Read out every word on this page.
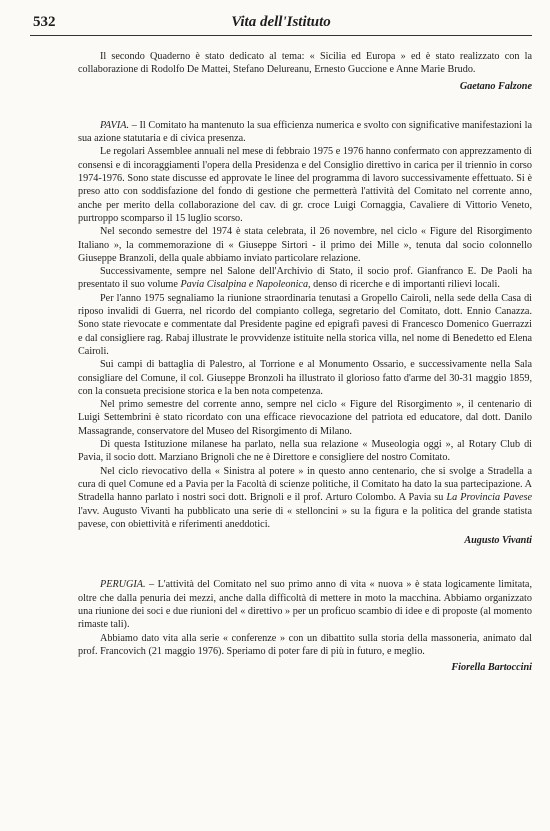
532	Vita dell'Istituto

Il secondo Quaderno è stato dedicato al tema: « Sicilia ed Europa » ed è stato realizzato con la collaborazione di Rodolfo De Mattei, Stefano Delureanu, Ernesto Guccione e Anne Marie Brudo.

Gaetano Falzone

PAVIA. – Il Comitato ha mantenuto la sua efficienza numerica e svolto con significative manifestazioni la sua azione statutaria e di civica presenza.

Le regolari Assemblee annuali nel mese di febbraio 1975 e 1976 hanno confermato con apprezzamento di consensi e di incoraggiamenti l'opera della Presidenza e del Consiglio direttivo in carica per il triennio in corso 1974-1976. Sono state discusse ed approvate le linee del programma di lavoro successivamente effettuato. Si è preso atto con soddisfazione del fondo di gestione che permetterà l'attività del Comitato nel corrente anno, anche per merito della collaborazione del cav. di gr. croce Luigi Cornaggia, Cavaliere di Vittorio Veneto, purtroppo scomparso il 15 luglio scorso.

Nel secondo semestre del 1974 è stata celebrata, il 26 novembre, nel ciclo « Figure del Risorgimento Italiano », la commemorazione di « Giuseppe Sirtori - il primo dei Mille », tenuta dal socio colonnello Giuseppe Branzoli, della quale abbiamo inviato particolare relazione.

Successivamente, sempre nel Salone dell'Archivio di Stato, il socio prof. Gianfranco E. De Paoli ha presentato il suo volume Pavia Cisalpina e Napoleonica, denso di ricerche e di importanti rilievi locali.

Per l'anno 1975 segnaliamo la riunione straordinaria tenutasi a Gropello Cairoli, nella sede della Casa di riposo invalidi di Guerra, nel ricordo del compianto collega, segretario del Comitato, dott. Ennio Canazza. Sono state rievocate e commentate dal Presidente pagine ed epigrafi pavesi di Francesco Domenico Guerrazzi e dal consigliere rag. Rabaj illustrate le provvidenze istituite nella storica villa, nel nome di Benedetto ed Elena Cairoli.

Sui campi di battaglia di Palestro, al Torrione e al Monumento Ossario, e successivamente nella Sala consigliare del Comune, il col. Giuseppe Bronzoli ha illustrato il glorioso fatto d'arme del 30-31 maggio 1859, con la consueta precisione storica e la ben nota competenza.

Nel primo semestre del corrente anno, sempre nel ciclo « Figure del Risorgimento », il centenario di Luigi Settembrini è stato ricordato con una efficace rievocazione del patriota ed educatore, dal dott. Danilo Massagrande, conservatore del Museo del Risorgimento di Milano.

Di questa Istituzione milanese ha parlato, nella sua relazione « Museologia oggi », al Rotary Club di Pavia, il socio dott. Marziano Brignoli che ne è Direttore e consigliere del nostro Comitato.

Nel ciclo rievocativo della « Sinistra al potere » in questo anno centenario, che si svolge a Stradella a cura di quel Comune ed a Pavia per la Facoltà di scienze politiche, il Comitato ha dato la sua partecipazione. A Stradella hanno parlato i nostri soci dott. Brignoli e il prof. Arturo Colombo. A Pavia su La Provincia Pavese l'avv. Augusto Vivanti ha pubblicato una serie di « stelloncini » su la figura e la politica del grande statista pavese, con obiettività e riferimenti aneddotici.

Augusto Vivanti

PERUGIA. – L'attività del Comitato nel suo primo anno di vita « nuova » è stata logicamente limitata, oltre che dalla penuria dei mezzi, anche dalla difficoltà di mettere in moto la macchina. Abbiamo organizzato una riunione dei soci e due riunioni del « direttivo » per un proficuo scambio di idee e di proposte (al momento rimaste tali).

Abbiamo dato vita alla serie « conferenze » con un dibattito sulla storia della massoneria, animato dal prof. Francovich (21 maggio 1976). Speriamo di poter fare di più in futuro, e meglio.

Fiorella Bartoccini
